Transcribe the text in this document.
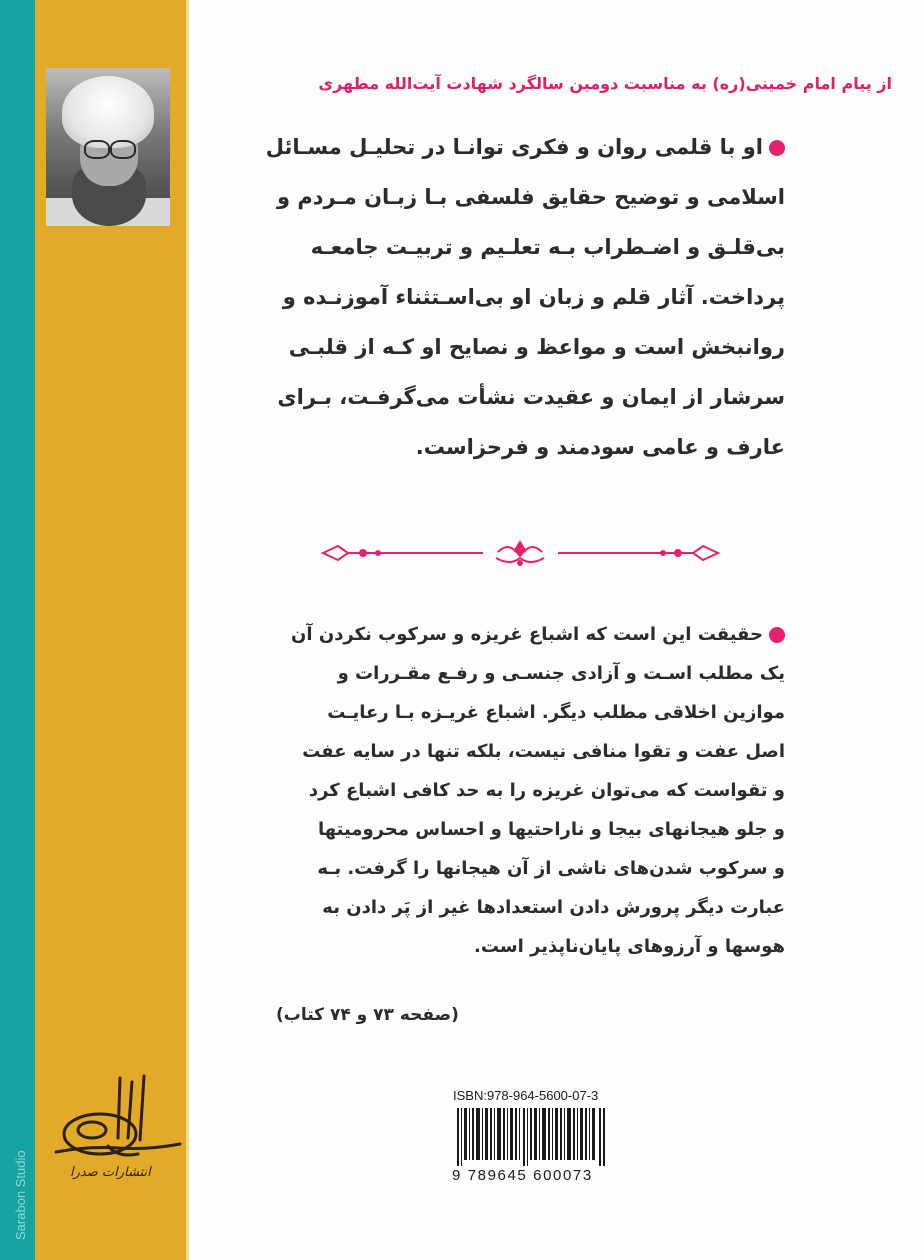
Sarabon Studio	انتشارات صدرا
از پیام امام خمینی(ره) به مناسبت دومین سالگرد شهادت آیت‌الله مطهری
او با قلمی روان و فکری توانـا در تحلیـل مسـائل
اسلامی و توضیح حقایق فلسفی بـا زبـان مـردم و
بی‌قلـق و اضـطراب بـه تعلـیم و تربیـت جامعـه
پرداخت. آثار قلم و زبان او بی‌اسـتثناء آموزنـده و
روانبخش است و مواعظ و نصایح او کـه از قلبـی
سرشار از ایمان و عقیدت نشأت می‌گرفـت، بـرای
عارف و عامی سودمند و فرحزاست.
حقیقت این است که اشباع غریزه و سرکوب نکردن آن
یک مطلب اسـت و آزادی جنسـی و رفـع مقـررات و
موازین اخلاقی مطلب دیگر. اشباع غریـزه بـا رعایـت
اصل عفت و تقوا منافی نیست، بلکه تنها در سایه عفت
و تقواست که می‌توان غریزه را به حد کافی اشباع کرد
و جلو هیجانهای بیجا و ناراحتیها و احساس محرومیتها
و سرکوب شدن‌های ناشی از آن هیجانها را گرفت. بـه
عبارت دیگر پرورش دادن استعدادها غیر از پَر دادن به
هوسها و آرزوهای پایان‌ناپذیر است.
(صفحه ۷۳ و ۷۴ کتاب)
ISBN:978-964-5600-07-3
9 789645 600073
